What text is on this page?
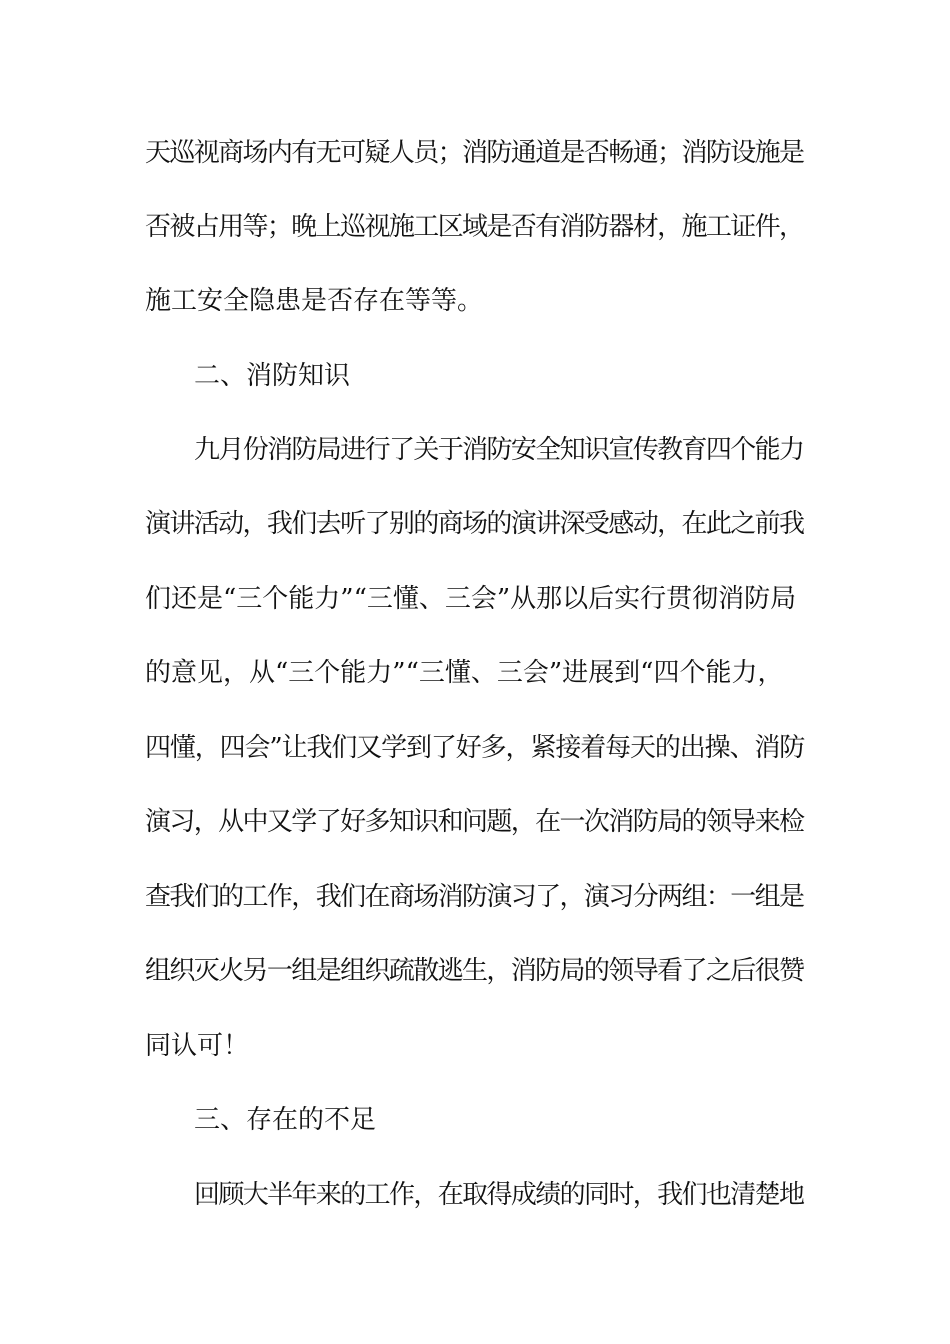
天巡视商场内有无可疑人员；消防通道是否畅通；消防设施是
否被占用等；晚上巡视施工区域是否有消防器材，施工证件，
施工安全隐患是否存在等等。
二、消防知识
九月份消防局进行了关于消防安全知识宣传教育四个能力
演讲活动，我们去听了别的商场的演讲深受感动，在此之前我
们还是“三个能力”“三懂、三会”从那以后实行贯彻消防局
的意见，从“三个能力”“三懂、三会”进展到“四个能力，
四懂，四会”让我们又学到了好多，紧接着每天的出操、消防
演习，从中又学了好多知识和问题，在一次消防局的领导来检
查我们的工作，我们在商场消防演习了，演习分两组：一组是
组织灭火另一组是组织疏散逃生，消防局的领导看了之后很赞
同认可！
三、存在的不足
回顾大半年来的工作，在取得成绩的同时，我们也清楚地
